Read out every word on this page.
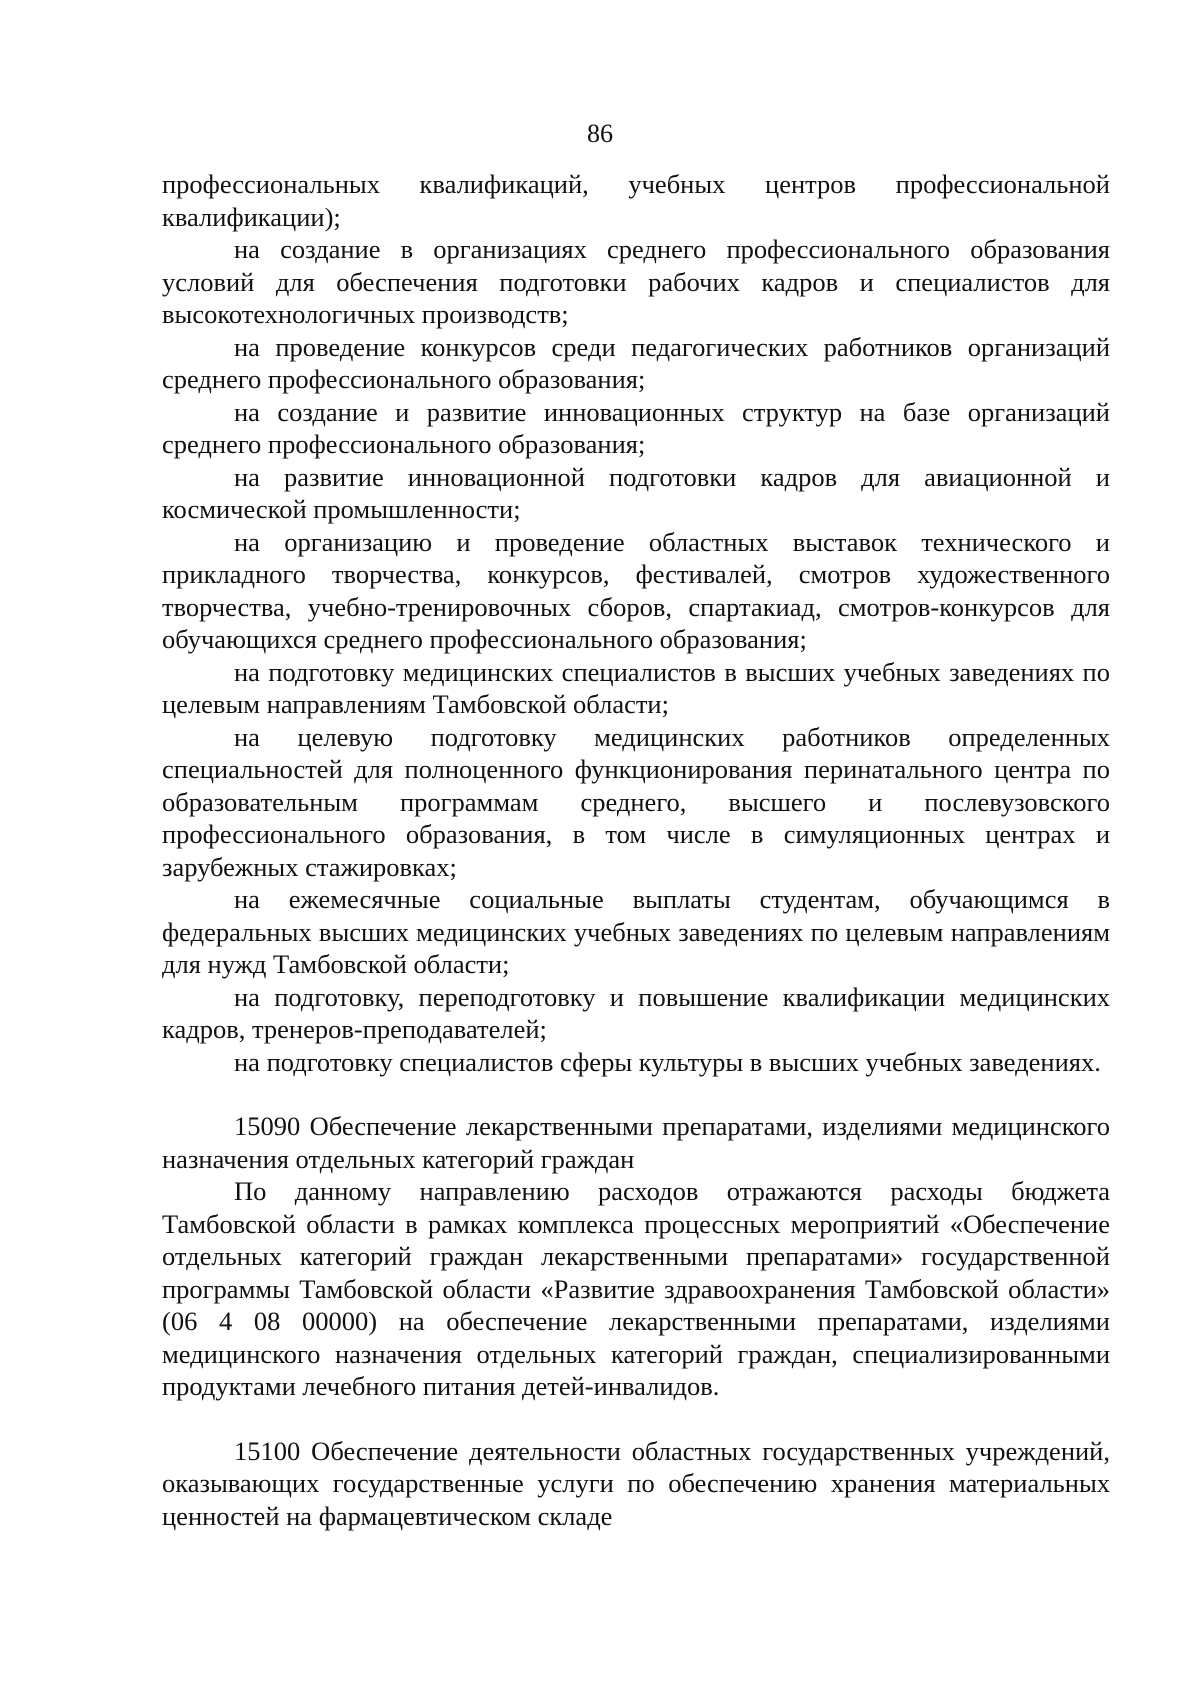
86

профессиональных квалификаций, учебных центров профессиональной квалификации);

на создание в организациях среднего профессионального образования условий для обеспечения подготовки рабочих кадров и специалистов для высокотехнологичных производств;

на проведение конкурсов среди педагогических работников организаций среднего профессионального образования;

на создание и развитие инновационных структур на базе организаций среднего профессионального образования;

на развитие инновационной подготовки кадров для авиационной и космической промышленности;

на организацию и проведение областных выставок технического и прикладного творчества, конкурсов, фестивалей, смотров художественного творчества, учебно-тренировочных сборов, спартакиад, смотров-конкурсов для обучающихся среднего профессионального образования;

на подготовку медицинских специалистов в высших учебных заведениях по целевым направлениям Тамбовской области;

на целевую подготовку медицинских работников определенных специальностей для полноценного функционирования перинатального центра по образовательным программам среднего, высшего и послевузовского профессионального образования, в том числе в симуляционных центрах и зарубежных стажировках;

на ежемесячные социальные выплаты студентам, обучающимся в федеральных высших медицинских учебных заведениях по целевым направлениям для нужд Тамбовской области;

на подготовку, переподготовку и повышение квалификации медицинских кадров, тренеров-преподавателей;

на подготовку специалистов сферы культуры в высших учебных заведениях.

15090 Обеспечение лекарственными препаратами, изделиями медицинского назначения отдельных категорий граждан

По данному направлению расходов отражаются расходы бюджета Тамбовской области в рамках комплекса процессных мероприятий «Обеспечение отдельных категорий граждан лекарственными препаратами» государственной программы Тамбовской области «Развитие здравоохранения Тамбовской области» (06 4 08 00000) на обеспечение лекарственными препаратами, изделиями медицинского назначения отдельных категорий граждан, специализированными продуктами лечебного питания детей-инвалидов.

15100 Обеспечение деятельности областных государственных учреждений, оказывающих государственные услуги по обеспечению хранения материальных ценностей на фармацевтическом складе
